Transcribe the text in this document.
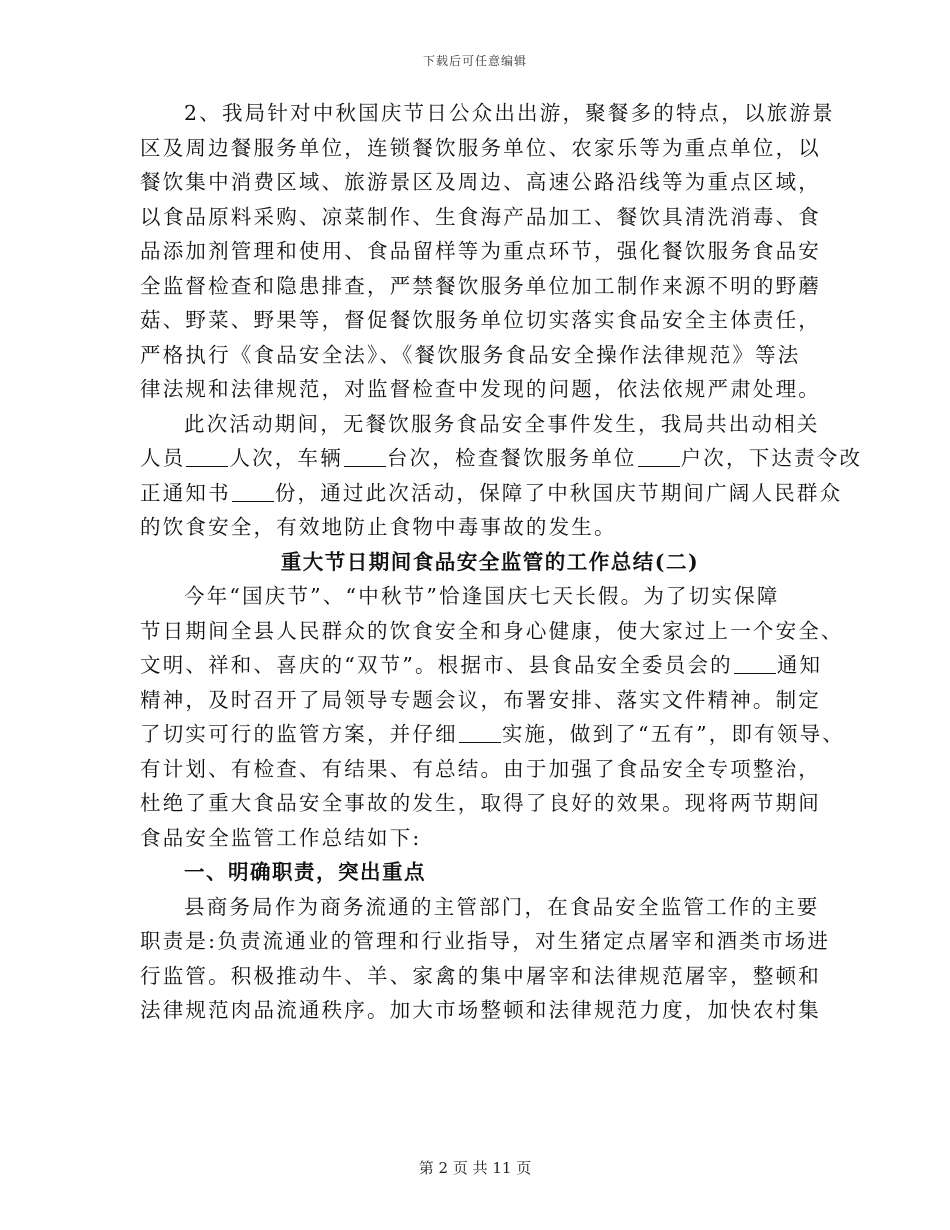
下载后可任意编辑
2、我局针对中秋国庆节日公众出出游，聚餐多的特点，以旅游景
区及周边餐服务单位，连锁餐饮服务单位、农家乐等为重点单位，以
餐饮集中消费区域、旅游景区及周边、高速公路沿线等为重点区域，
以食品原料采购、凉菜制作、生食海产品加工、餐饮具清洗消毒、食
品添加剂管理和使用、食品留样等为重点环节，强化餐饮服务食品安
全监督检查和隐患排查，严禁餐饮服务单位加工制作来源不明的野蘑
菇、野菜、野果等，督促餐饮服务单位切实落实食品安全主体责任，
严格执行《食品安全法》、《餐饮服务食品安全操作法律规范》等法
律法规和法律规范，对监督检查中发现的问题，依法依规严肃处理。
此次活动期间，无餐饮服务食品安全事件发生，我局共出动相关
人员 人次，车辆 台次，检查餐饮服务单位 户次，下达责令改
正通知书 份，通过此次活动，保障了中秋国庆节期间广阔人民群众
的饮食安全，有效地防止食物中毒事故的发生。
重大节日期间食品安全监管的工作总结(二)
今年“国庆节”、“中秋节”恰逢国庆七天长假。为了切实保障
节日期间全县人民群众的饮食安全和身心健康，使大家过上一个安全、
文明、祥和、喜庆的“双节”。根据市、县食品安全委员会的 通知
精神，及时召开了局领导专题会议，布署安排、落实文件精神。制定
了切实可行的监管方案，并仔细 实施，做到了“五有”，即有领导、
有计划、有检查、有结果、有总结。由于加强了食品安全专项整治，
杜绝了重大食品安全事故的发生，取得了良好的效果。现将两节期间
食品安全监管工作总结如下:
一、明确职责，突出重点
县商务局作为商务流通的主管部门，在食品安全监管工作的主要
职责是:负责流通业的管理和行业指导，对生猪定点屠宰和酒类市场进
行监管。积极推动牛、羊、家禽的集中屠宰和法律规范屠宰，整顿和
法律规范肉品流通秩序。加大市场整顿和法律规范力度，加快农村集
第 2 页 共 11 页
